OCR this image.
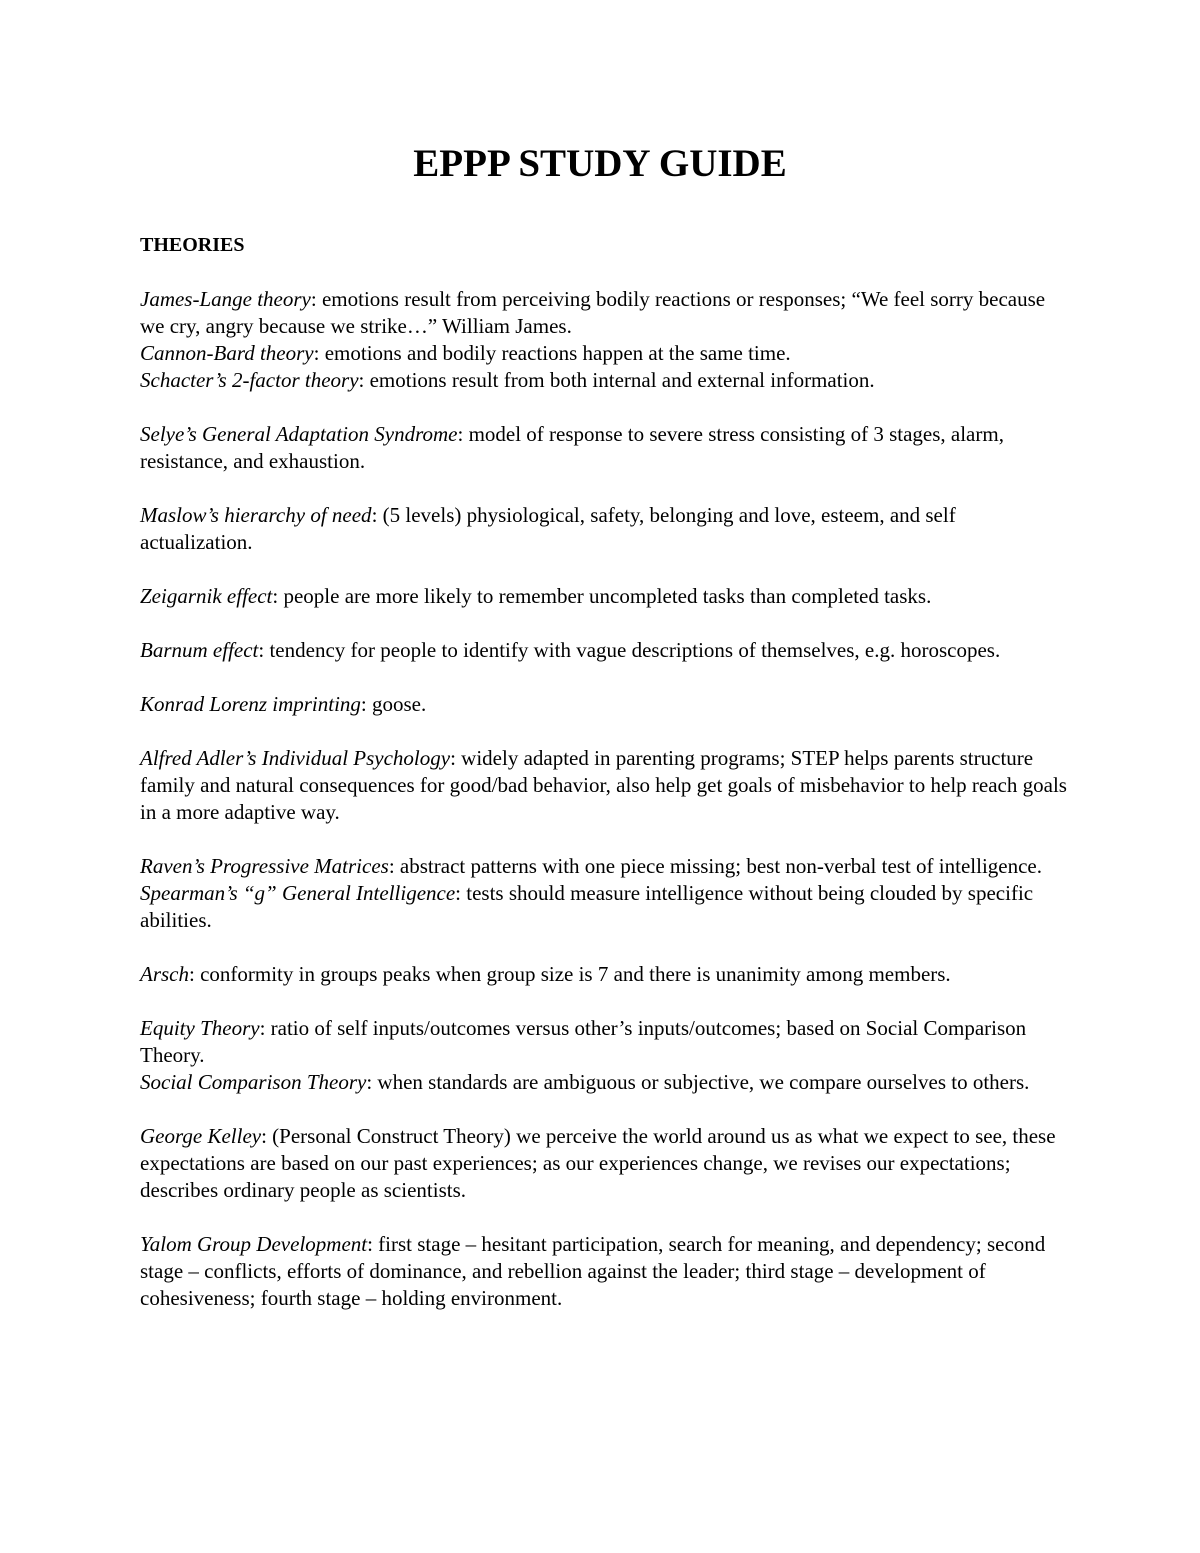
EPPP STUDY GUIDE

THEORIES

James-Lange theory: emotions result from perceiving bodily reactions or responses; “We feel sorry because we cry, angry because we strike…” William James.

Cannon-Bard theory: emotions and bodily reactions happen at the same time.

Schacter’s 2-factor theory: emotions result from both internal and external information.

Selye’s General Adaptation Syndrome: model of response to severe stress consisting of 3 stages, alarm, resistance, and exhaustion.

Maslow’s hierarchy of need: (5 levels) physiological, safety, belonging and love, esteem, and self actualization.

Zeigarnik effect: people are more likely to remember uncompleted tasks than completed tasks.

Barnum effect: tendency for people to identify with vague descriptions of themselves, e.g. horoscopes.

Konrad Lorenz imprinting: goose.

Alfred Adler’s Individual Psychology: widely adapted in parenting programs; STEP helps parents structure family and natural consequences for good/bad behavior, also help get goals of misbehavior to help reach goals in a more adaptive way.

Raven’s Progressive Matrices: abstract patterns with one piece missing; best non-verbal test of intelligence.

Spearman’s “g” General Intelligence: tests should measure intelligence without being clouded by specific abilities.

Arsch: conformity in groups peaks when group size is 7 and there is unanimity among members.

Equity Theory: ratio of self inputs/outcomes versus other’s inputs/outcomes; based on Social Comparison Theory.

Social Comparison Theory: when standards are ambiguous or subjective, we compare ourselves to others.

George Kelley: (Personal Construct Theory) we perceive the world around us as what we expect to see, these expectations are based on our past experiences; as our experiences change, we revises our expectations; describes ordinary people as scientists.

Yalom Group Development: first stage – hesitant participation, search for meaning, and dependency; second stage – conflicts, efforts of dominance, and rebellion against the leader; third stage – development of cohesiveness; fourth stage – holding environment.
